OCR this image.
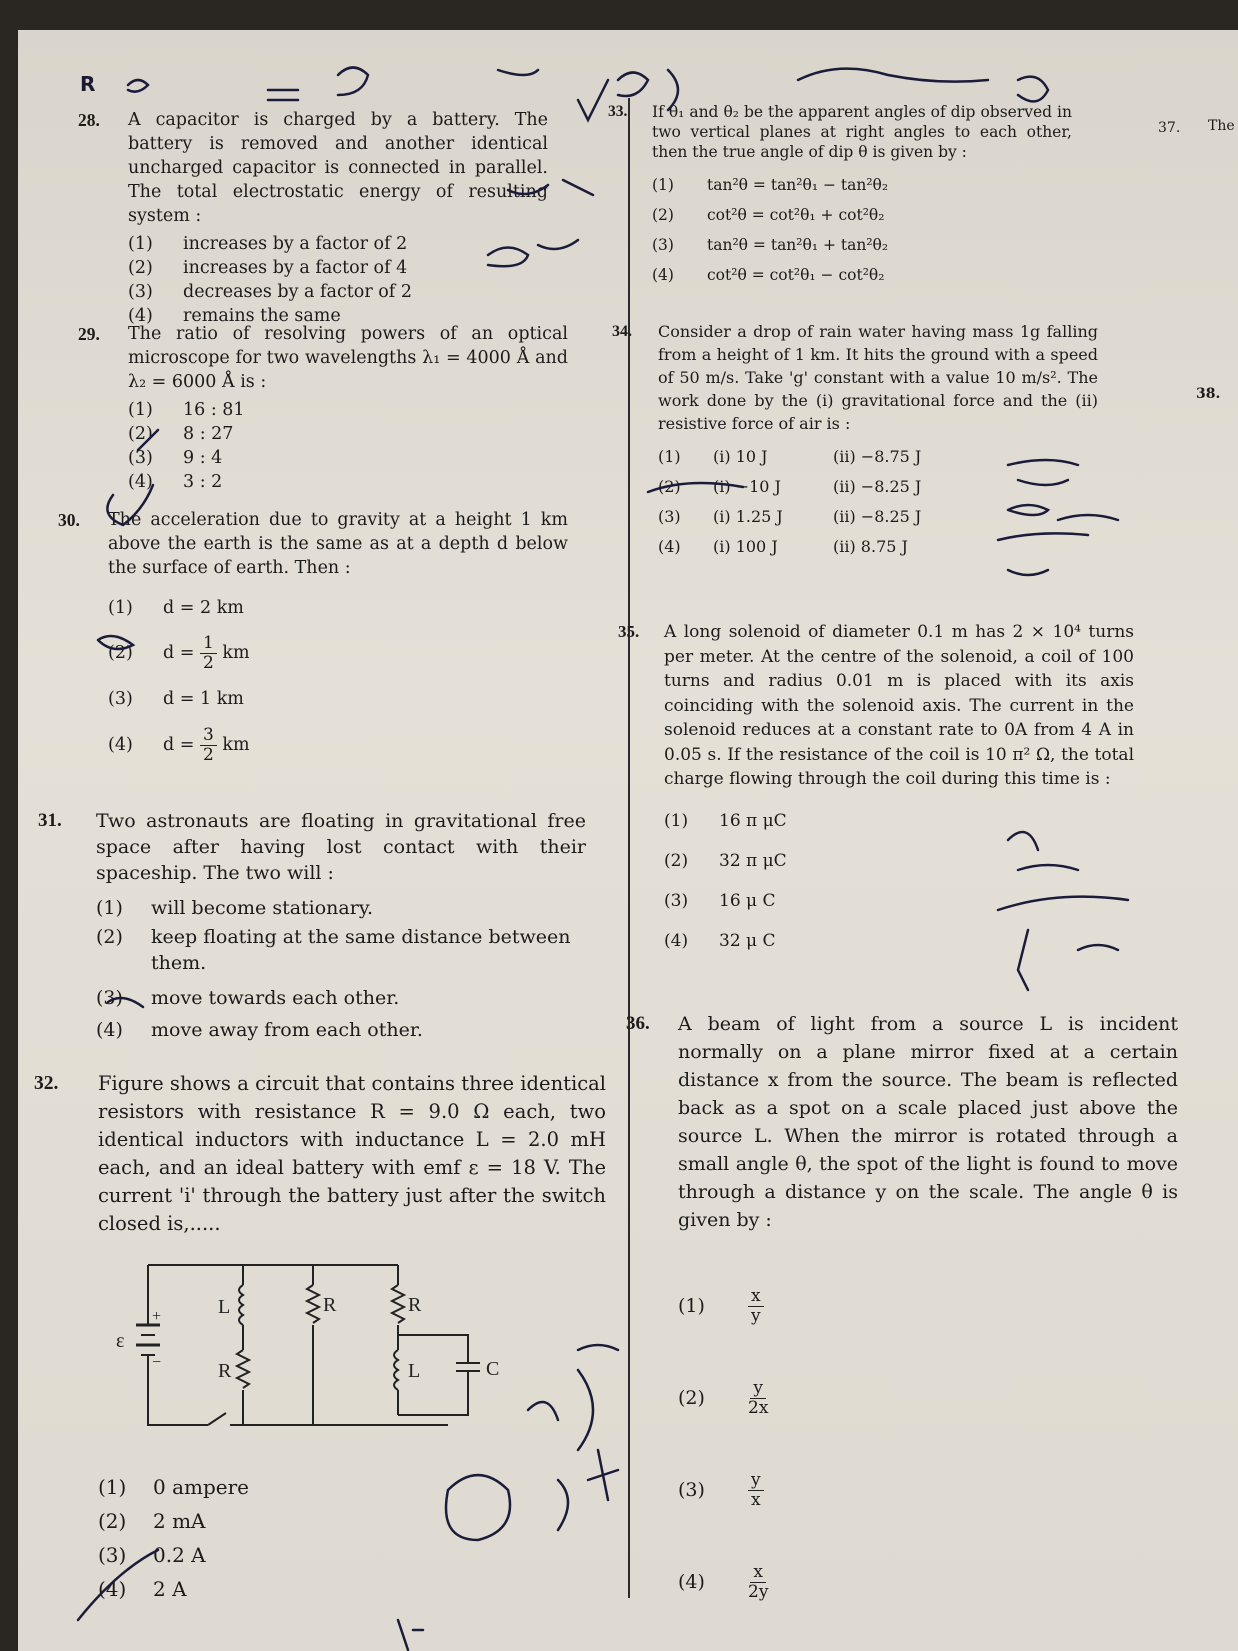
R
28. A capacitor is charged by a battery. The battery is removed and another identical uncharged capacitor is connected in parallel. The total electrostatic energy of resulting system :
(1)	increases by a factor of 2
(2)	increases by a factor of 4
(3)	decreases by a factor of 2
(4)	remains the same
29. The ratio of resolving powers of an optical microscope for two wavelengths λ₁ = 4000 Å and λ₂ = 6000 Å is :
(1)	16 : 81
(2)	8 : 27
(3)	9 : 4
(4)	3 : 2
30. The acceleration due to gravity at a height 1 km above the earth is the same as at a depth d below the surface of earth. Then :
(1)	d = 2 km
(2)	d =
$\frac{1}{2}$
km
(3)	d = 1 km
(4)	d =
$\frac{3}{2}$
km
31. Two astronauts are floating in gravitational free space after having lost contact with their spaceship. The two will :
(1)	will become stationary.
(2)	keep floating at the same distance between them.
(3)	move towards each other.
(4)	move away from each other.
32. Figure shows a circuit that contains three identical resistors with resistance R = 9.0 Ω each, two identical inductors with inductance L = 2.0 mH each, and an ideal battery with emf ε = 18 V. The current 'i' through the battery just after the switch closed is,.....
ε
+
−
L
R
R	R
L	C
(1)	0 ampere
(2)	2 mA
(3)	0.2 A
(4)	2 A
33. If θ₁ and θ₂ be the apparent angles of dip observed in two vertical planes at right angles to each other, then the true angle of dip θ is given by :
(1)	tan²θ = tan²θ₁ − tan²θ₂
(2)	cot²θ = cot²θ₁ + cot²θ₂
(3)	tan²θ = tan²θ₁ + tan²θ₂
(4)	cot²θ = cot²θ₁ − cot²θ₂
34. Consider a drop of rain water having mass 1g falling from a height of 1 km. It hits the ground with a speed of 50 m/s. Take 'g' constant with a value 10 m/s². The work done by the (i) gravitational force and the (ii) resistive force of air is :
(1)	(i) 10 J	(ii) −8.75 J
(2)	(i) −10 J	(ii) −8.25 J
(3)	(i) 1.25 J	(ii) −8.25 J
(4)	(i) 100 J	(ii) 8.75 J
35. A long solenoid of diameter 0.1 m has 2 × 10⁴ turns per meter. At the centre of the solenoid, a coil of 100 turns and radius 0.01 m is placed with its axis coinciding with the solenoid axis. The current in the solenoid reduces at a constant rate to 0A from 4 A in 0.05 s. If the resistance of the coil is 10 π² Ω, the total charge flowing through the coil during this time is :
(1)	16 π μC
(2)	32 π μC
(3)	16 μ C
(4)	32 μ C
36. A beam of light from a source L is incident normally on a plane mirror fixed at a certain distance x from the source. The beam is reflected back as a spot on a scale placed just above the source L. When the mirror is rotated through a small angle θ, the spot of the light is found to move through a distance y on the scale. The angle θ is given by :
(1)	$\frac{x}{y}$
(2)	$\frac{y}{2x}$
(3)	$\frac{y}{x}$
(4)	$\frac{x}{2y}$
37. The
38.
